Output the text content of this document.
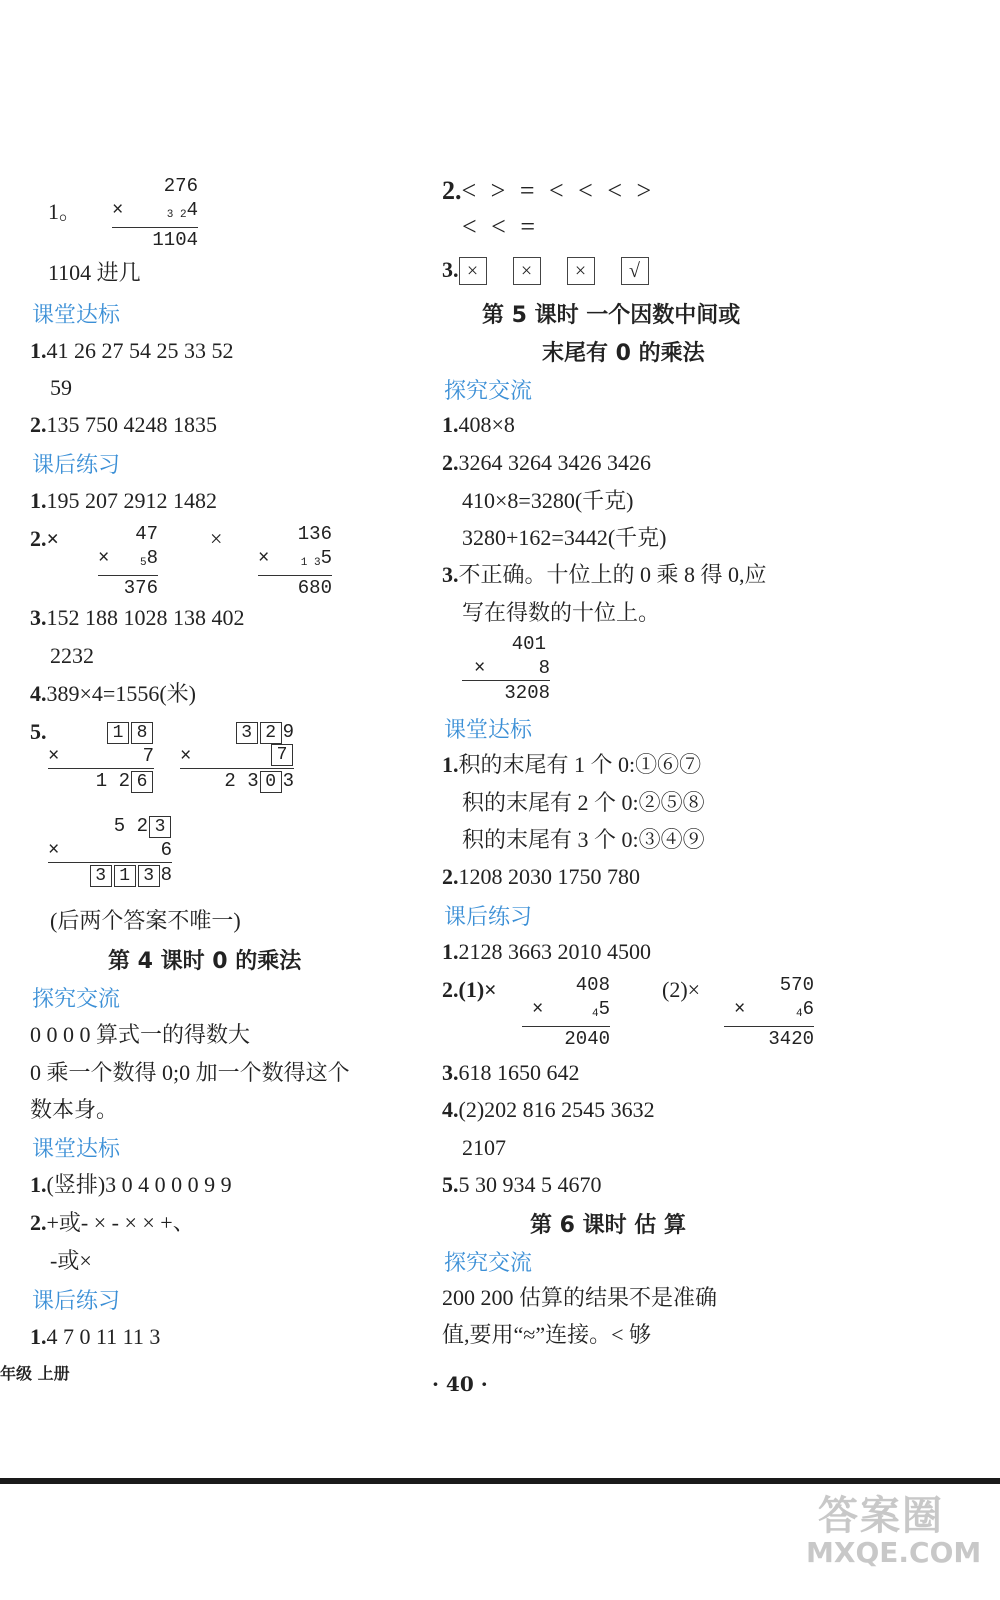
1。
276
×	3 24
1104
1104 进几
课堂达标
1.41 26 27 54 25 33 52
59
2.135 750 4248 1835
课后练习
1.195 207 2912 1482
2.×	47
×	58
376
×	136
×	1 35
680
3.152 188 1028 138 402
2232
4.389×4=1556(米)
5.	1 8
×	7
1 2 6
3 2 9
×	7
2 3 0 3
5 2 3
×	6
3 1 3 8
(后两个答案不唯一)
第 4 课时 0 的乘法
探究交流
0 0 0 0 算式一的得数大
0 乘一个数得 0;0 加一个数得这个
数本身。
课堂达标
1.(竖排)3 0 4 0 0 0 9 9
2.+或- × - × × +、
-或×
课后练习
1.4 7 0 11 11 3
2.< > = < < < >
< < =
3. × × × √
第 5 课时 一个因数中间或
末尾有 0 的乘法
探究交流
1.408×8
2.3264 3264 3426 3426
410×8=3280(千克)
3280+162=3442(千克)
3.不正确。十位上的 0 乘 8 得 0,应
写在得数的十位上。
401
×	8
3208
课堂达标
1.积的末尾有 1 个 0:①⑥⑦
积的末尾有 2 个 0:②⑤⑧
积的末尾有 3 个 0:③④⑨
2.1208 2030 1750 780
课后练习
1.2128 3663 2010 4500
2.(1)×	408
×	45
2040
(2)×	570
×	46
3420
3.618 1650 642
4.(2)202 816 2545 3632
2107
5.5 30 934 5 4670
第 6 课时 估 算
探究交流
200 200 估算的结果不是准确
值,要用“≈”连接。< 够
年级 上册	· 40 ·
答案圈
MXQE.COM
